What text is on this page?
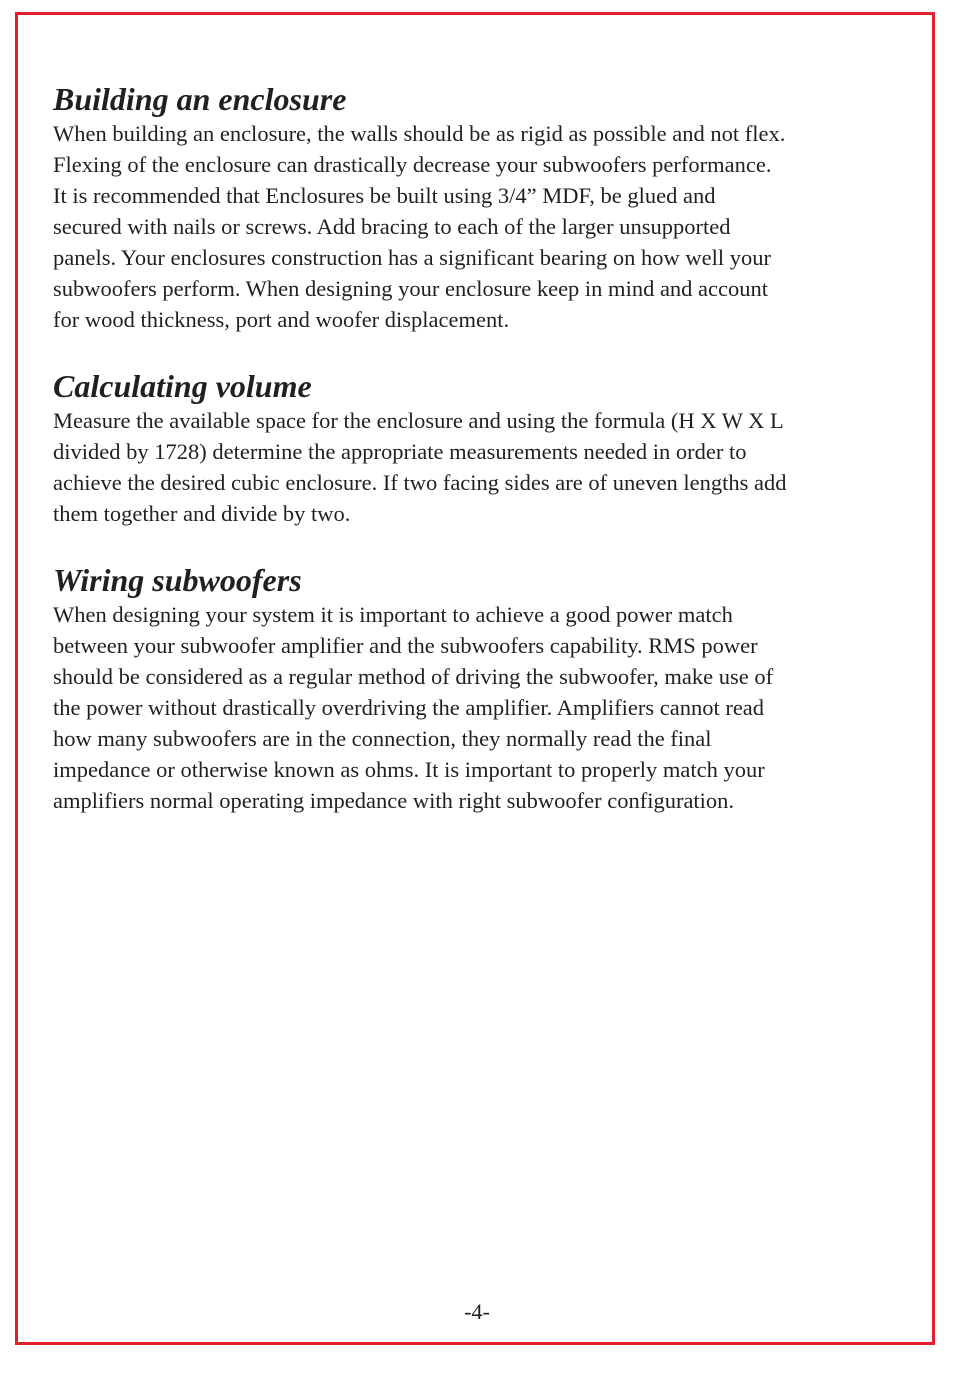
Building an enclosure

When building an enclosure, the walls should be as rigid as possible and not flex.
Flexing of the enclosure can drastically decrease your subwoofers performance.
It is recommended that Enclosures be built using 3/4” MDF, be glued and
secured with nails or screws. Add bracing to each of the larger unsupported
panels. Your enclosures construction has a significant bearing on how well your
subwoofers perform. When designing your enclosure keep in mind and account
for wood thickness, port and woofer displacement.

Calculating volume

Measure the available space for the enclosure and using the formula (H X W X L
divided by 1728) determine the appropriate measurements needed in order to
achieve the desired cubic enclosure. If two facing sides are of uneven lengths add
them together and divide by two.

Wiring subwoofers

When designing your system it is important to achieve a good power match
between your subwoofer amplifier and the subwoofers capability. RMS power
should be considered as a regular method of driving the subwoofer, make use of
the power without drastically overdriving the amplifier. Amplifiers cannot read
how many subwoofers are in the connection, they normally read the final
impedance or otherwise known as ohms. It is important to properly match your
amplifiers normal operating impedance with right subwoofer configuration.

-4-
